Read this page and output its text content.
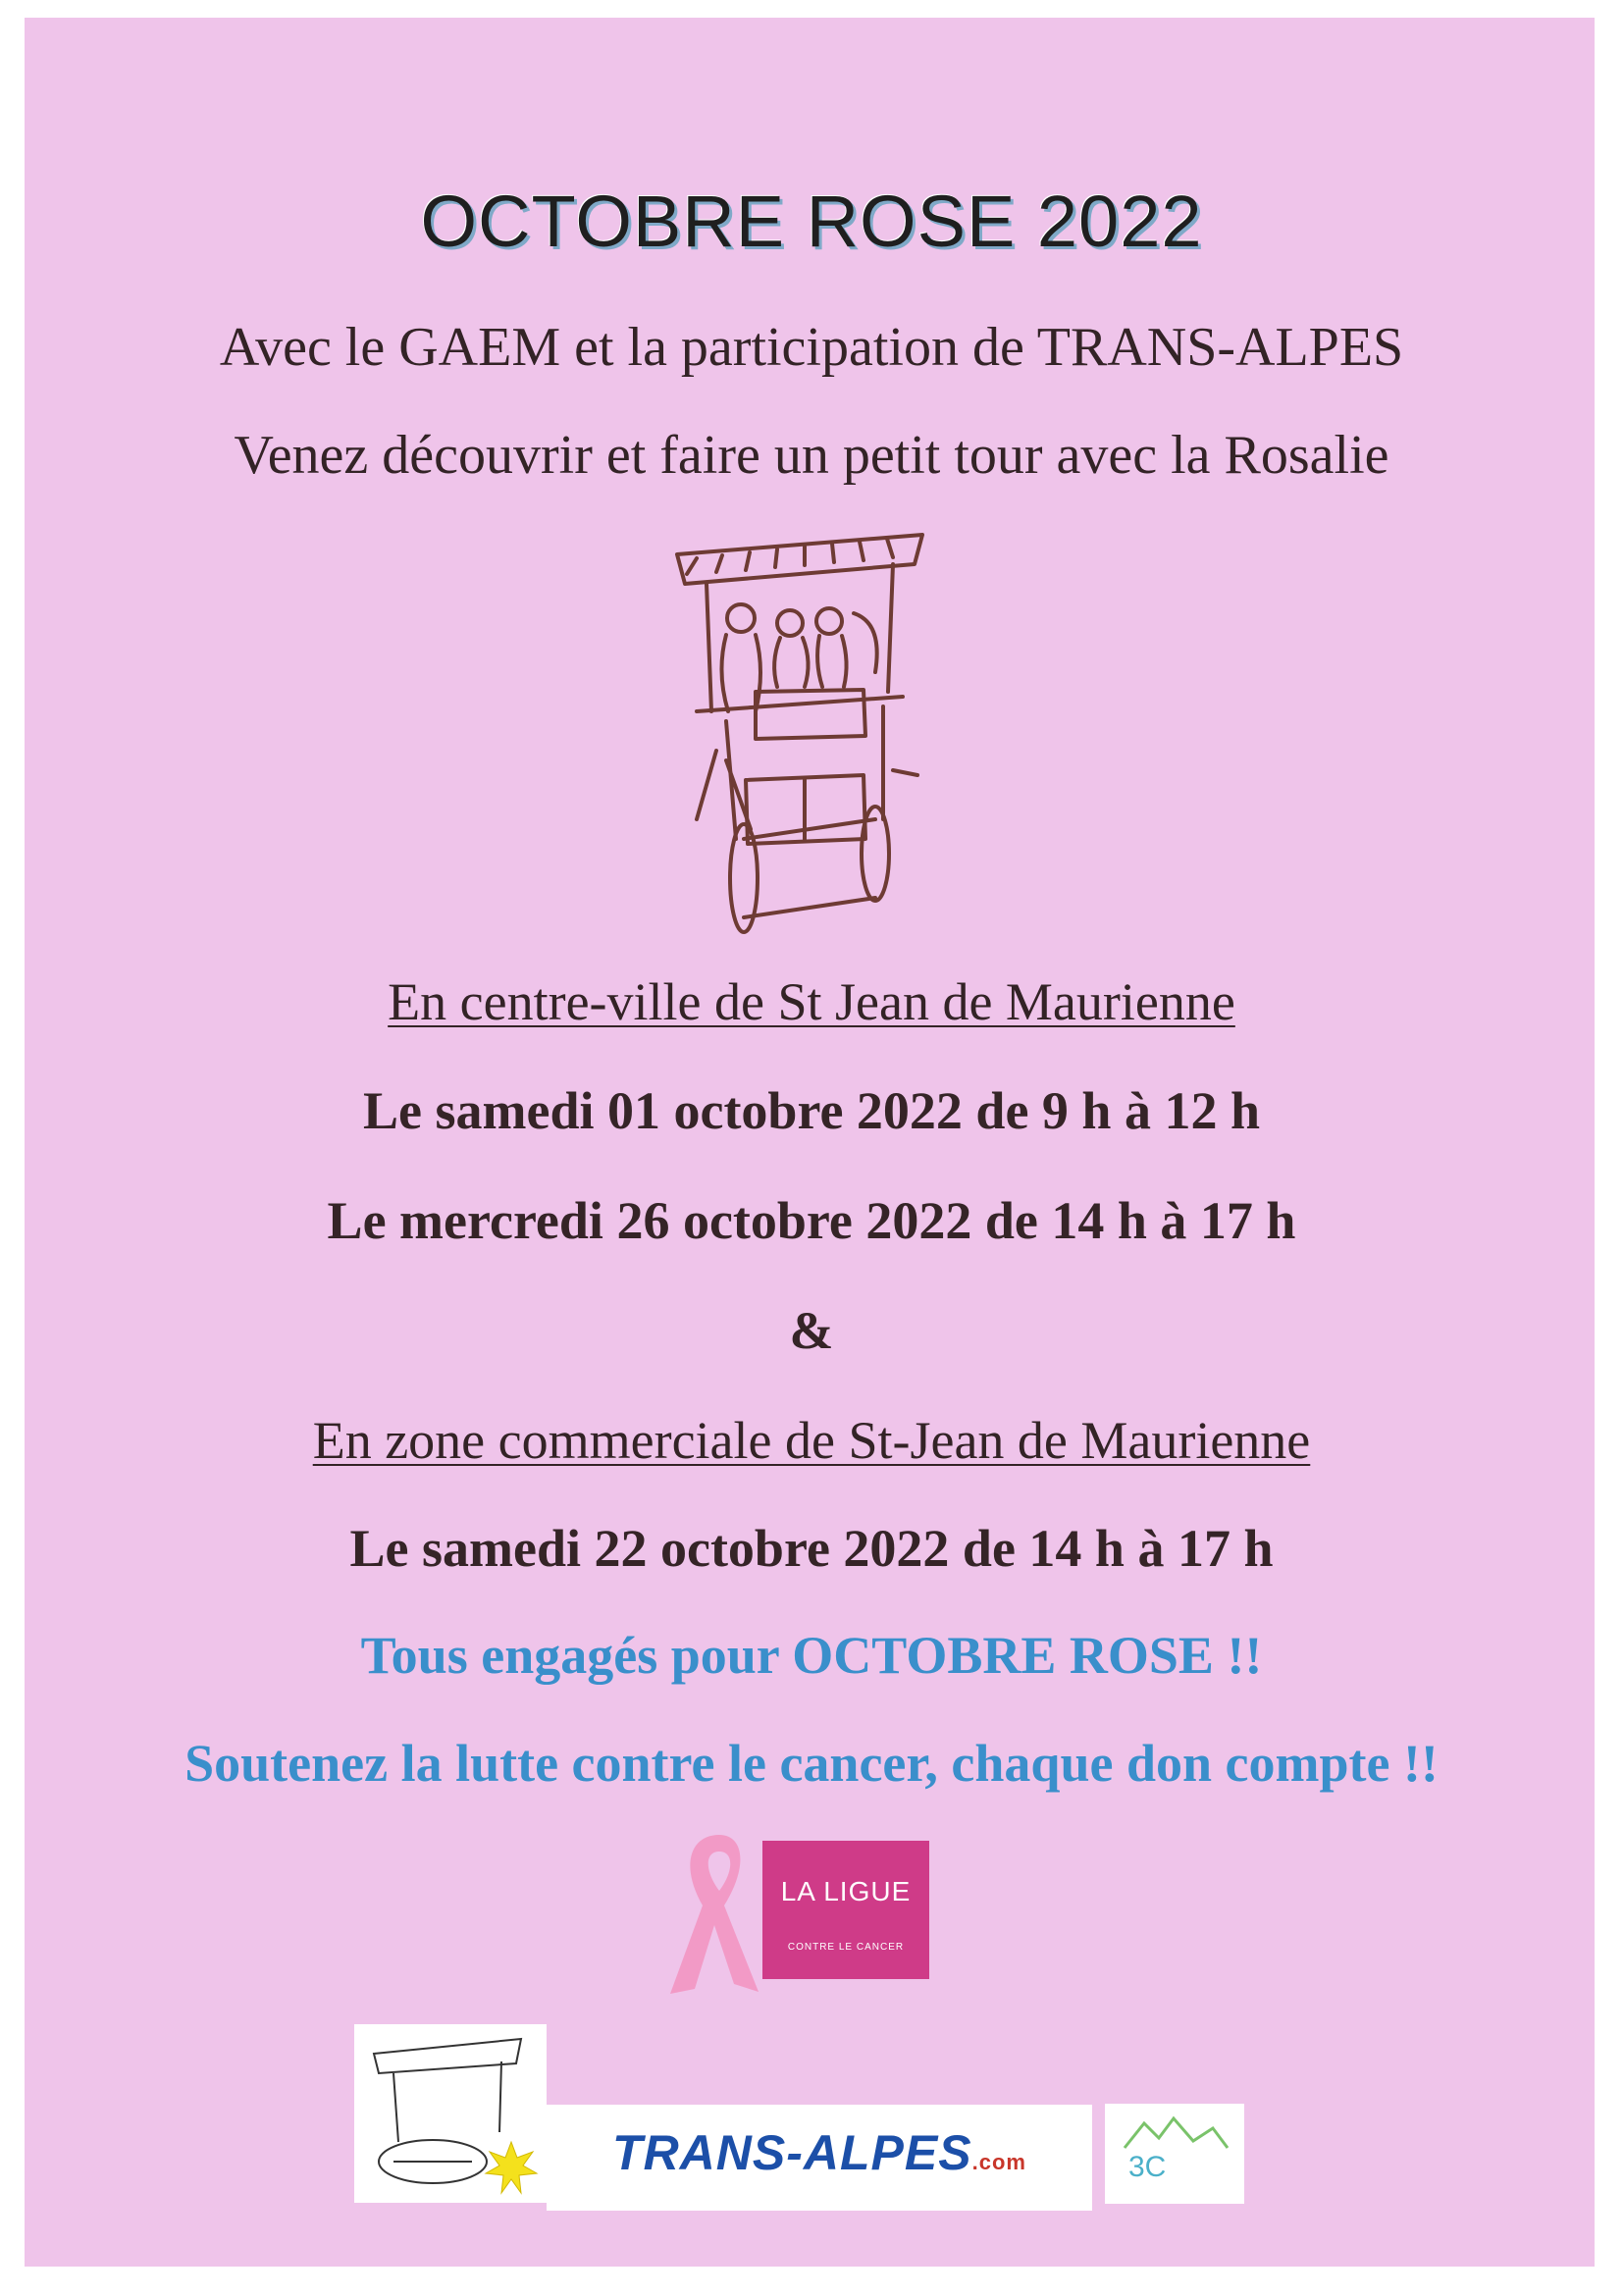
OCTOBRE ROSE 2022
Avec le GAEM et la participation de TRANS-ALPES
Venez découvrir et faire un petit tour avec la Rosalie
En centre-ville de St Jean de Maurienne
Le samedi 01 octobre 2022 de 9 h à 12 h
Le mercredi 26 octobre 2022 de 14 h à 17 h
&
En zone commerciale de St-Jean de Maurienne
Le samedi 22 octobre 2022 de 14 h à 17 h
Tous engagés pour OCTOBRE ROSE !!
Soutenez la lutte contre le cancer, chaque don compte !!
LA LIGUE
CONTRE LE CANCER
TRANS-ALPES.com	3C
